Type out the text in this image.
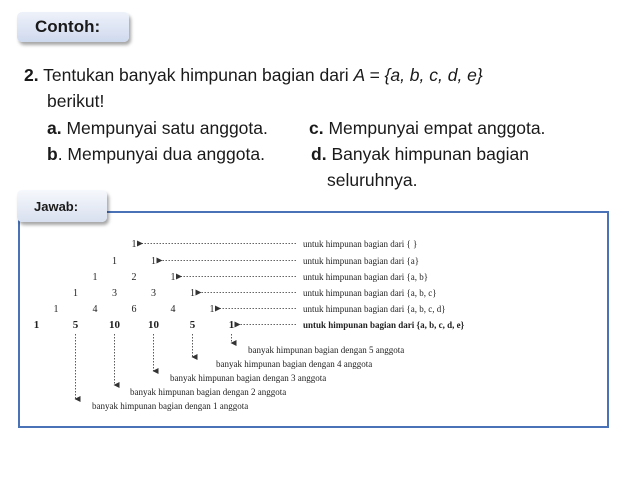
Contoh:
2. Tentukan banyak himpunan bagian dari A = {a, b, c, d, e}
berikut!
a. Mempunyai satu anggota. c. Mempunyai empat anggota.
b. Mempunyai dua anggota.	d. Banyak himpunan bagian
seluruhnya.
Jawab:
1	untuk himpunan bagian dari { }
1	1	untuk himpunan bagian dari {a}
1	2	1	untuk himpunan bagian dari {a, b}
1	3	3	1	untuk himpunan bagian dari {a, b, c}
1	4	6	4	1	untuk himpunan bagian dari {a, b, c, d}
1	5	10	10	5	1	untuk himpunan bagian dari {a, b, c, d, e}
banyak himpunan bagian dengan 5 anggota
banyak himpunan bagian dengan 4 anggota
banyak himpunan bagian dengan 3 anggota
banyak himpunan bagian dengan 2 anggota
banyak himpunan bagian dengan 1 anggota
